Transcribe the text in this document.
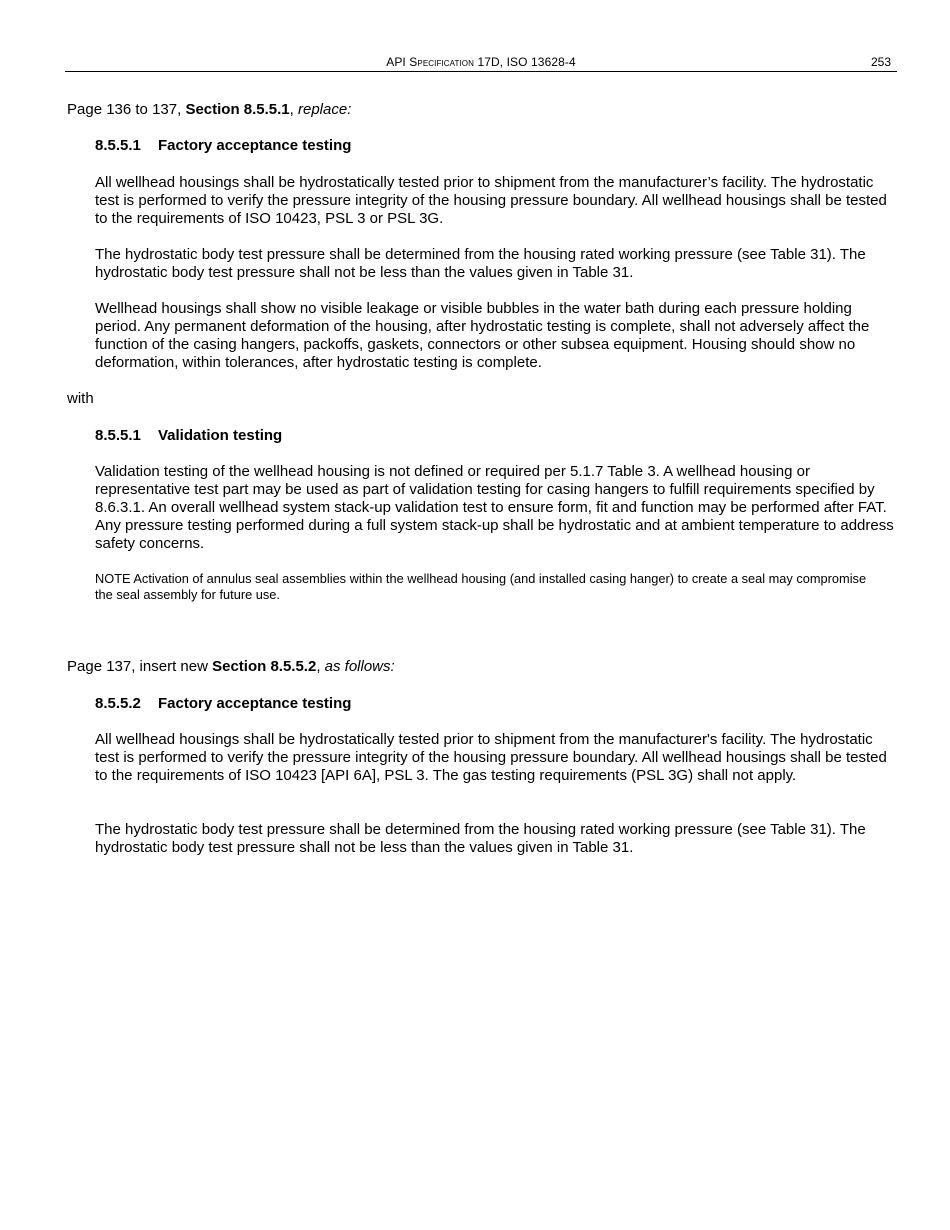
API Specification 17D, ISO 13628-4	253
Page 136 to 137, Section 8.5.5.1, replace:
8.5.5.1 Factory acceptance testing

All wellhead housings shall be hydrostatically tested prior to shipment from the manufacturer’s facility. The hydrostatic test is performed to verify the pressure integrity of the housing pressure boundary. All wellhead housings shall be tested to the requirements of ISO 10423, PSL 3 or PSL 3G.

The hydrostatic body test pressure shall be determined from the housing rated working pressure (see Table 31). The hydrostatic body test pressure shall not be less than the values given in Table 31.

Wellhead housings shall show no visible leakage or visible bubbles in the water bath during each pressure holding period. Any permanent deformation of the housing, after hydrostatic testing is complete, shall not adversely affect the function of the casing hangers, packoffs, gaskets, connectors or other subsea equipment. Housing should show no deformation, within tolerances, after hydrostatic testing is complete.

with
8.5.5.1 Validation testing

Validation testing of the wellhead housing is not defined or required per 5.1.7 Table 3. A wellhead housing or representative test part may be used as part of validation testing for casing hangers to fulfill requirements specified by 8.6.3.1. An overall wellhead system stack-up validation test to ensure form, fit and function may be performed after FAT. Any pressure testing performed during a full system stack-up shall be hydrostatic and at ambient temperature to address safety concerns.

NOTE Activation of annulus seal assemblies within the wellhead housing (and installed casing hanger) to create a seal may compromise the seal assembly for future use.

Page 137, insert new Section 8.5.5.2, as follows:
8.5.5.2 Factory acceptance testing

All wellhead housings shall be hydrostatically tested prior to shipment from the manufacturer's facility. The hydrostatic test is performed to verify the pressure integrity of the housing pressure boundary. All wellhead housings shall be tested to the requirements of ISO 10423 [API 6A], PSL 3. The gas testing requirements (PSL 3G) shall not apply.

The hydrostatic body test pressure shall be determined from the housing rated working pressure (see Table 31). The hydrostatic body test pressure shall not be less than the values given in Table 31.
